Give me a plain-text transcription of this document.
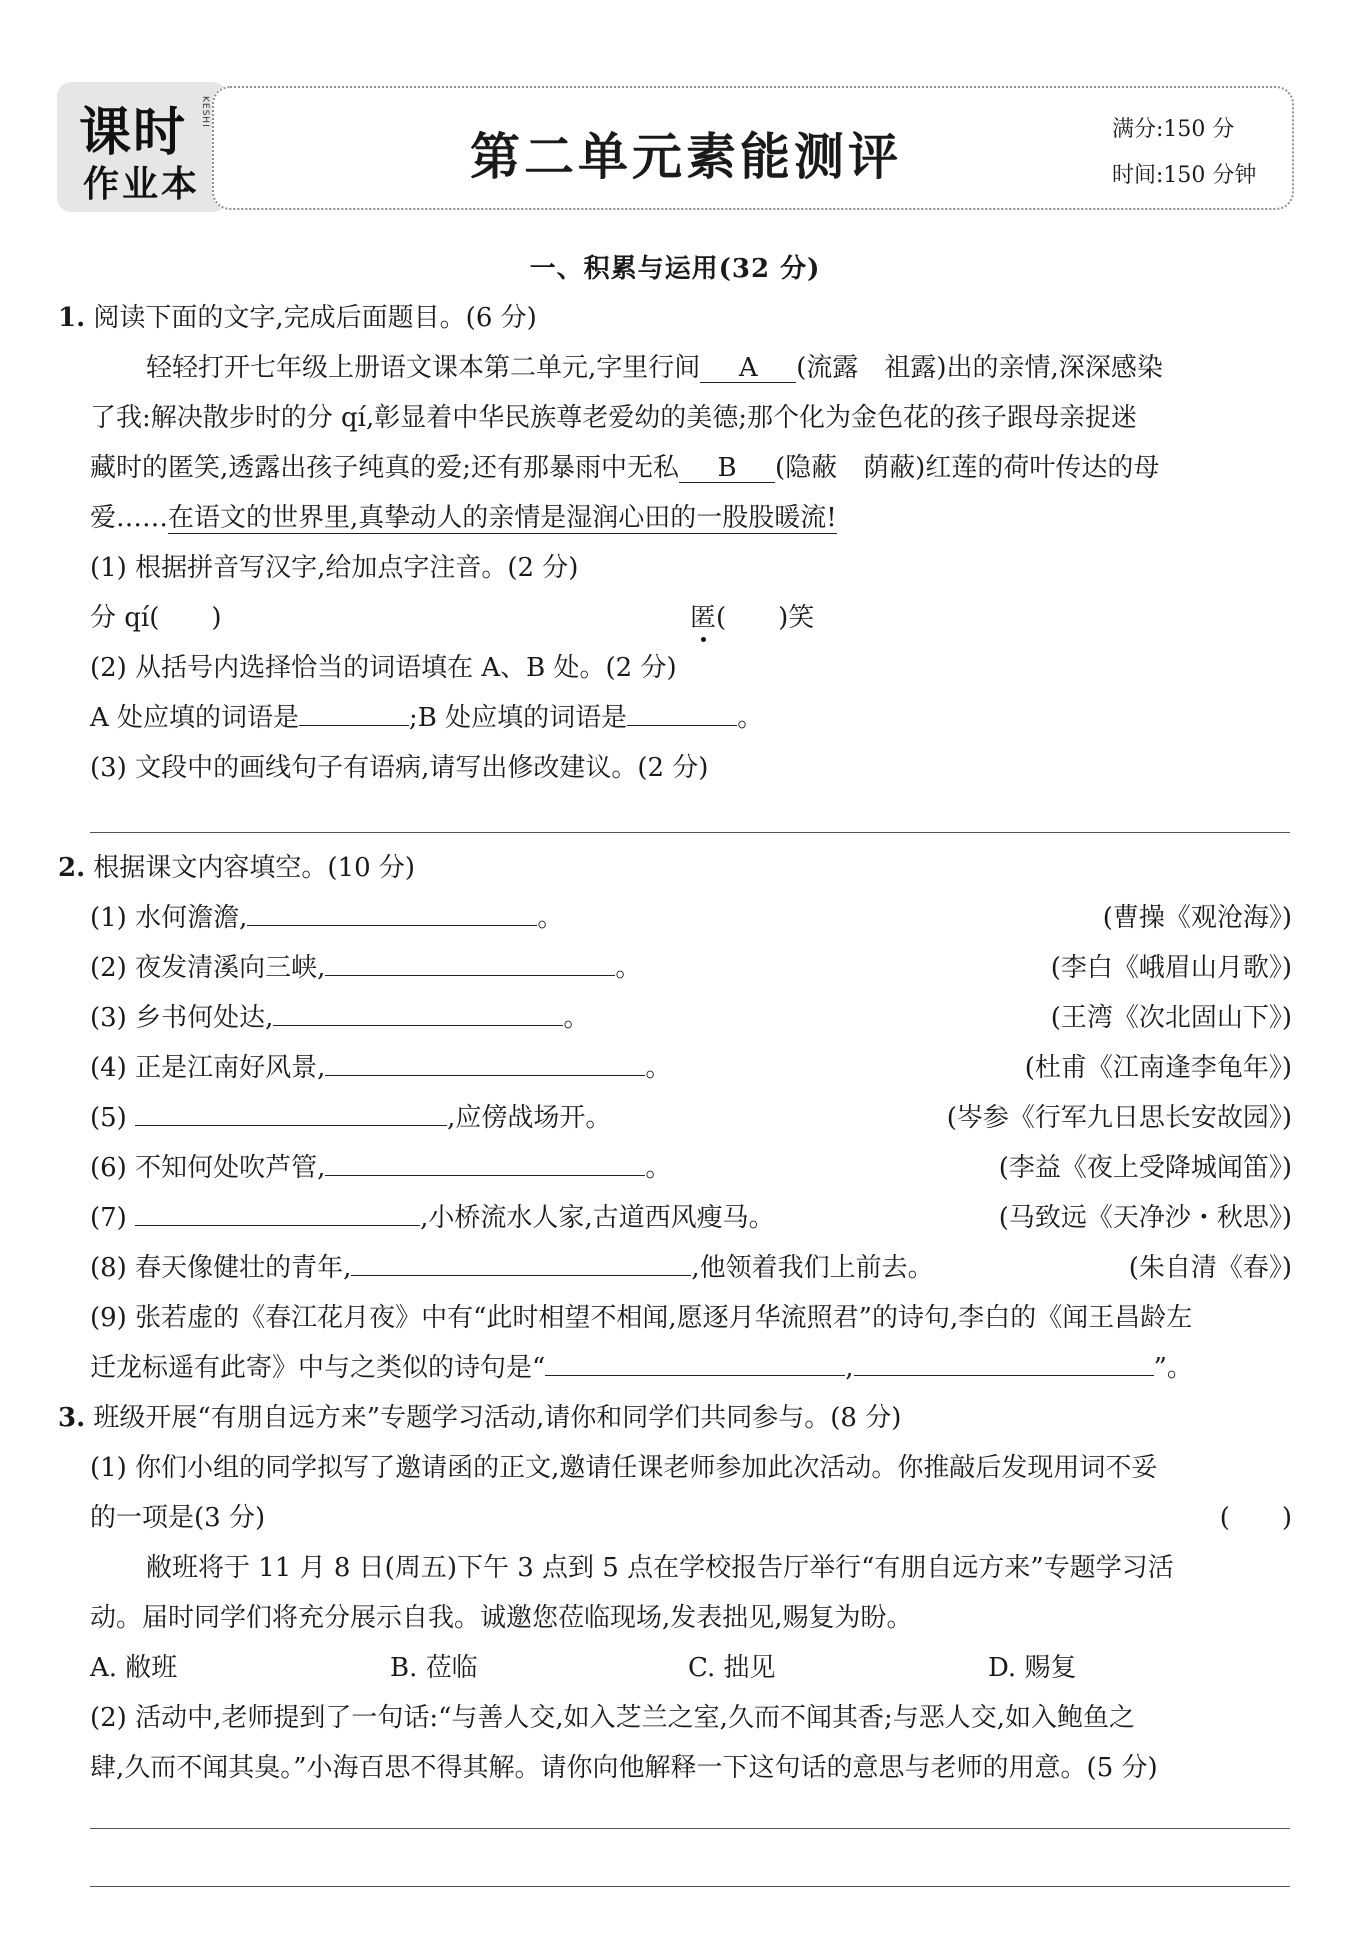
课时
作业本
KESHI
第二单元素能测评	满分:150 分
时间:150 分钟
一、积累与运用(32 分)
1. 阅读下面的文字,完成后面题目。(6 分)
轻轻打开七年级上册语文课本第二单元,字里行间 A (流露　祖露)出的亲情,深深感染
了我:解决散步时的分 qí,彰显着中华民族尊老爱幼的美德;那个化为金色花的孩子跟母亲捉迷
藏时的匿笑,透露出孩子纯真的爱;还有那暴雨中无私 B (隐蔽　荫蔽)红莲的荷叶传达的母
爱……在语文的世界里,真挚动人的亲情是湿润心田的一股股暖流!
(1) 根据拼音写汉字,给加点字注音。(2 分)
分 qí(　　)	匿(　　)笑
(2) 从括号内选择恰当的词语填在 A、B 处。(2 分)
A 处应填的词语是	;B 处应填的词语是	。
(3) 文段中的画线句子有语病,请写出修改建议。(2 分)
2. 根据课文内容填空。(10 分)
(1) 水何澹澹,	。	(曹操《观沧海》)
(2) 夜发清溪向三峡,	。	(李白《峨眉山月歌》)
(3) 乡书何处达,	。	(王湾《次北固山下》)
(4) 正是江南好风景,	。	(杜甫《江南逢李龟年》)
(5)	,应傍战场开。	(岑参《行军九日思长安故园》)
(6) 不知何处吹芦管,	。	(李益《夜上受降城闻笛》)
(7)	,小桥流水人家,古道西风瘦马。	(马致远《天净沙・秋思》)
(8) 春天像健壮的青年,	,他领着我们上前去。	(朱自清《春》)
(9) 张若虚的《春江花月夜》中有“此时相望不相闻,愿逐月华流照君”的诗句,李白的《闻王昌龄左
迁龙标遥有此寄》中与之类似的诗句是“	,	”。
3. 班级开展“有朋自远方来”专题学习活动,请你和同学们共同参与。(8 分)
(1) 你们小组的同学拟写了邀请函的正文,邀请任课老师参加此次活动。你推敲后发现用词不妥
的一项是(3 分)	(　　)
敝班将于 11 月 8 日(周五)下午 3 点到 5 点在学校报告厅举行“有朋自远方来”专题学习活
动。届时同学们将充分展示自我。诚邀您莅临现场,发表拙见,赐复为盼。
A. 敝班	B. 莅临	C. 拙见	D. 赐复
(2) 活动中,老师提到了一句话:“与善人交,如入芝兰之室,久而不闻其香;与恶人交,如入鲍鱼之
肆,久而不闻其臭。”小海百思不得其解。请你向他解释一下这句话的意思与老师的用意。(5 分)
